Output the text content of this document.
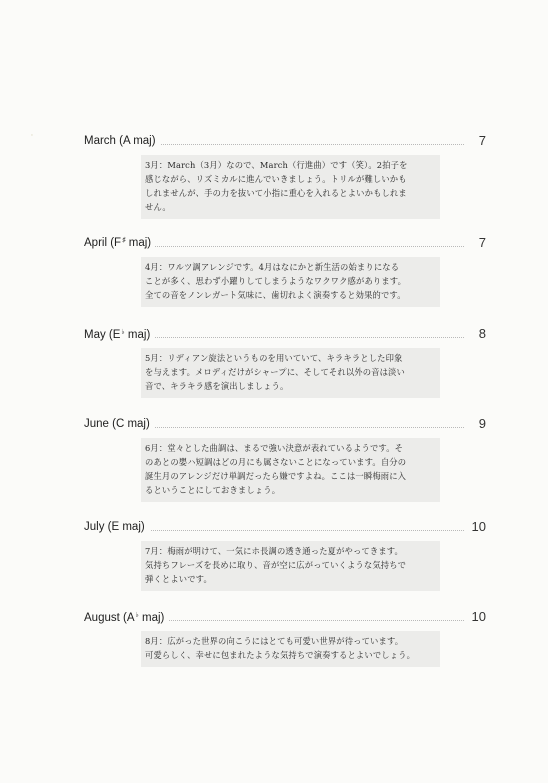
'	March (A maj)	7
3月：March（3月）なので、March（行進曲）です（笑）。2拍子を
感じながら、リズミカルに進んでいきましょう。トリルが難しいかも
しれませんが、手の力を抜いて小指に重心を入れるとよいかもしれま
せん。
April (F♯ maj)	7
4月：ワルツ調アレンジです。4月はなにかと新生活の始まりになる
ことが多く、思わず小躍りしてしまうようなワクワク感があります。
全ての音をノンレガート気味に、歯切れよく演奏すると効果的です。
May (E♭ maj)	8
5月：リディアン旋法というものを用いていて、キラキラとした印象
を与えます。メロディだけがシャープに、そしてそれ以外の音は淡い
音で、キラキラ感を演出しましょう。
June (C maj)	9
6月：堂々とした曲調は、まるで強い決意が表れているようです。そ
のあとの嬰ハ短調はどの月にも属さないことになっています。自分の
誕生月のアレンジだけ単調だったら嫌ですよね。ここは一瞬梅雨に入
るということにしておきましょう。
July (E maj)	10
7月：梅雨が明けて、一気にホ長調の透き通った夏がやってきます。
気持ちフレーズを長めに取り、音が空に広がっていくような気持ちで
弾くとよいです。
August (A♭ maj)	10
8月：広がった世界の向こうにはとても可愛い世界が待っています。
可愛らしく、幸せに包まれたような気持ちで演奏するとよいでしょう。
